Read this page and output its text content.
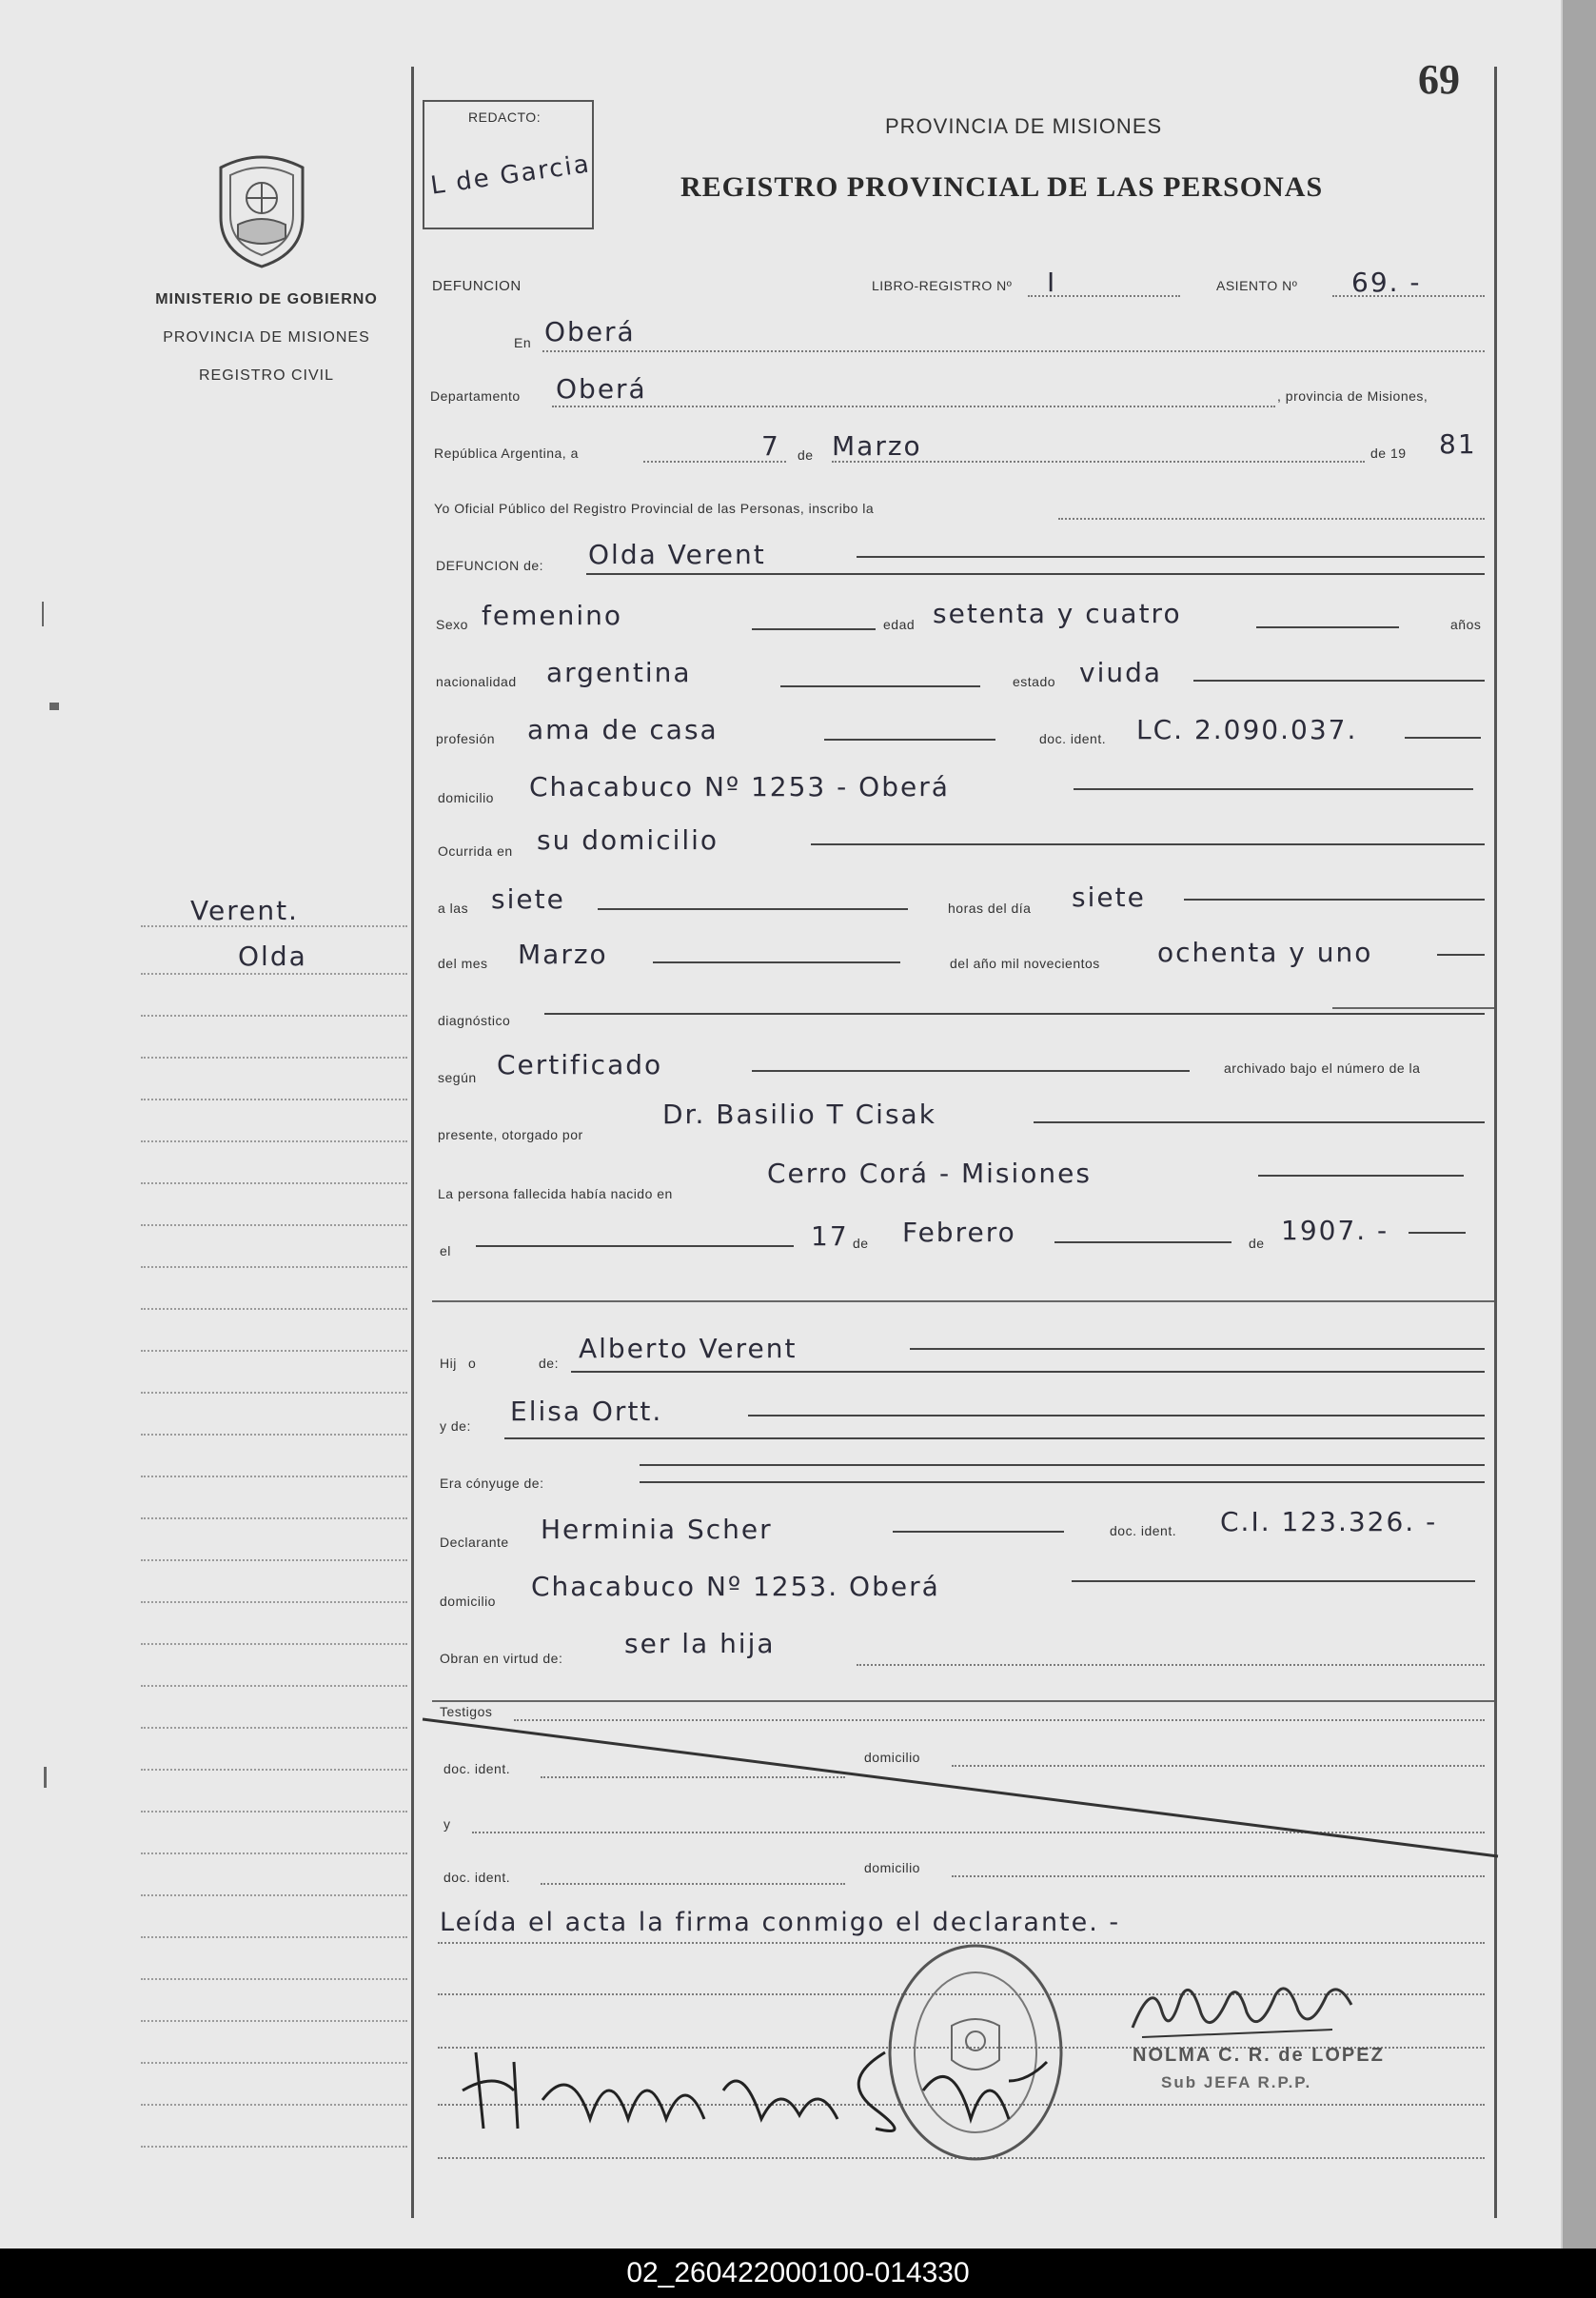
69
REDACTO:
L de Garcia
PROVINCIA DE MISIONES
REGISTRO PROVINCIAL DE LAS PERSONAS
MINISTERIO DE GOBIERNO
PROVINCIA DE MISIONES
REGISTRO CIVIL
Verent.
Olda
DEFUNCION	LIBRO-REGISTRO Nº I	ASIENTO Nº 69. -
En Oberá
Departamento Oberá	, provincia de Misiones,
República Argentina, a	7 de Marzo	de 19 81
Yo Oficial Público del Registro Provincial de las Personas, inscribo la
DEFUNCION de: Olda Verent
Sexo femenino	edad setenta y cuatro	años
nacionalidad argentina	estado viuda
profesión ama de casa	doc. ident. LC. 2.090.037.
domicilio Chacabuco Nº 1253 - Oberá
Ocurrida en su domicilio
a las siete	horas del día siete
del mes Marzo	del año mil novecientos ochenta y uno
diagnóstico
según Certificado	archivado bajo el número de la
presente, otorgado por
Dr. Basilio T Cisak
La persona fallecida había nacido en
Cerro Corá - Misiones
el	17 de Febrero	de 1907. -
Hij o	de: Alberto Verent
y de: Elisa Ortt.
Era cónyuge de:
Declarante Herminia Scher	doc. ident. C.I. 123.326. -
domicilio Chacabuco Nº 1253. Oberá
Obran en virtud de: ser la hija
Testigos
doc. ident.
domicilio
y
doc. ident.
domicilio
Leída el acta la firma conmigo el declarante. -
NOLMA C. R. de LOPEZ
Sub JEFA R.P.P.
02_260422000100-014330
